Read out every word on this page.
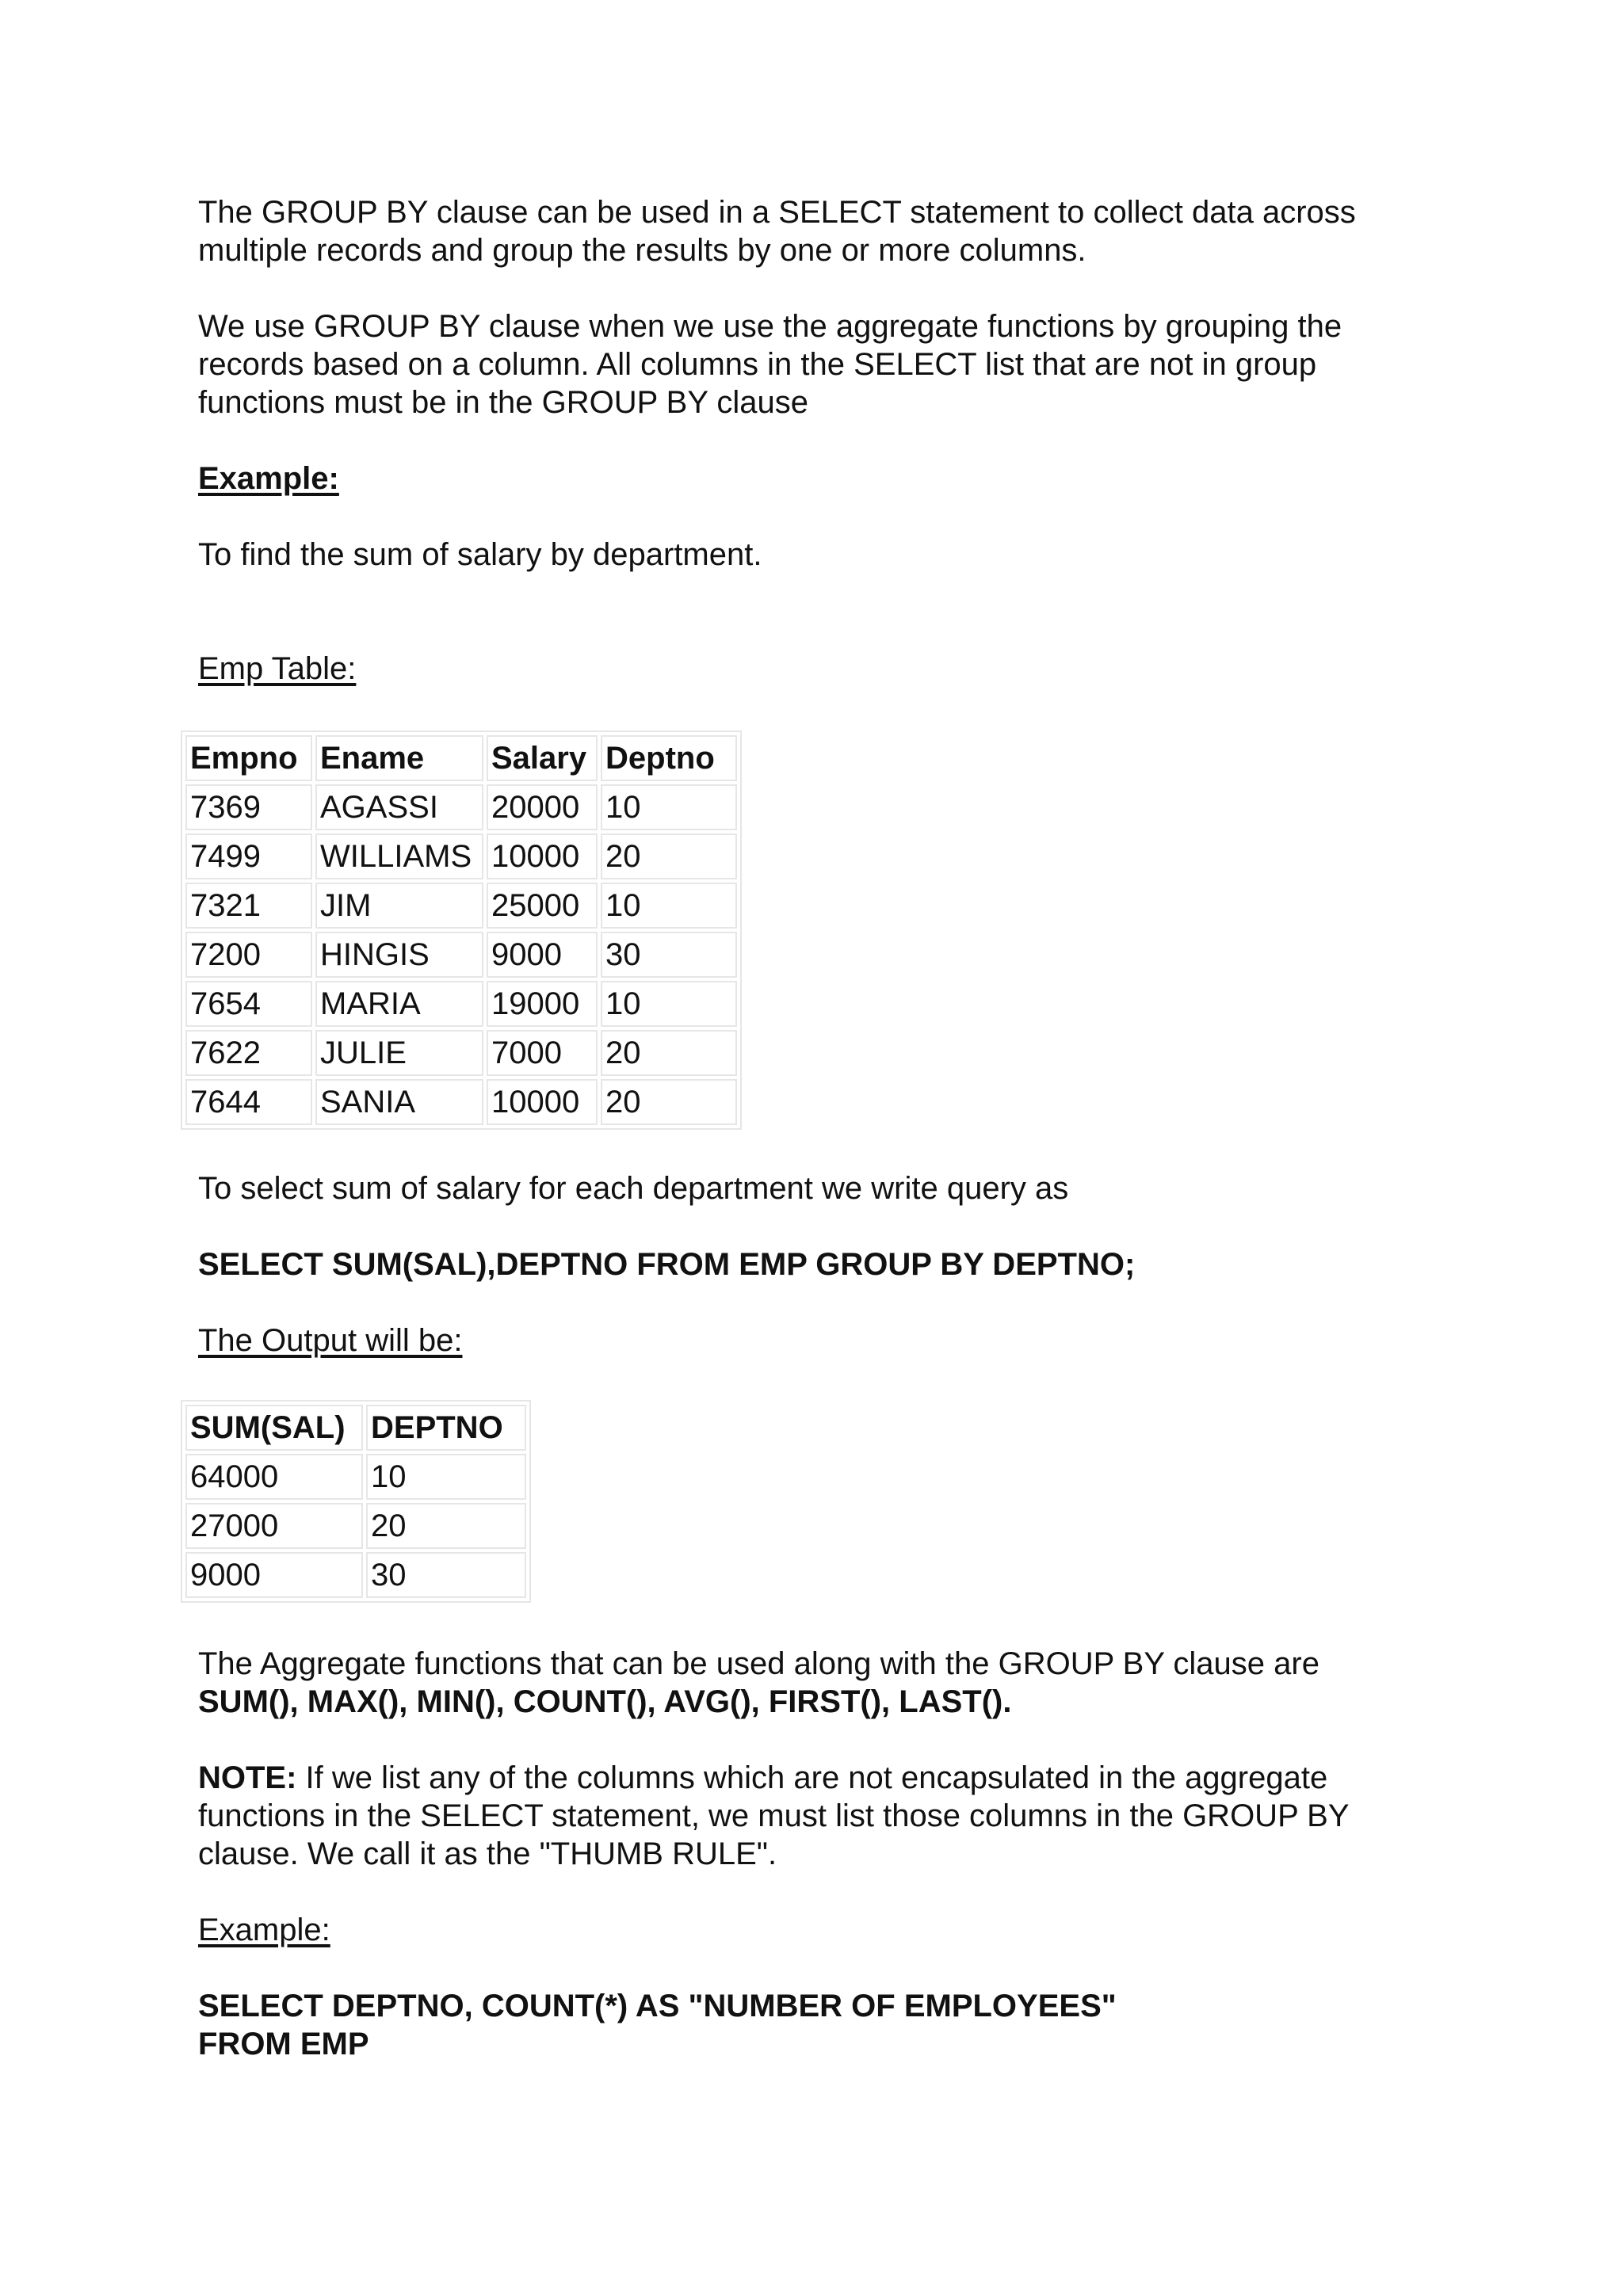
The GROUP BY clause can be used in a SELECT statement to collect data across multiple records and group the results by one or more columns.

We use GROUP BY clause when we use the aggregate functions by grouping the records based on a column. All columns in the SELECT list that are not in group functions must be in the GROUP BY clause

Example:

To find the sum of salary by department.

Emp Table:

Empno	Ename	Salary	Deptno
7369	AGASSI	20000	10
7499	WILLIAMS	10000	20
7321	JIM	25000	10
7200	HINGIS	9000	30
7654	MARIA	19000	10
7622	JULIE	7000	20
7644	SANIA	10000	20

To select sum of salary for each department we write query as

SELECT SUM(SAL),DEPTNO FROM EMP GROUP BY DEPTNO;

The Output will be:

SUM(SAL)	DEPTNO
64000	10
27000	20
9000	30

The Aggregate functions that can be used along with the GROUP BY clause are
SUM(), MAX(), MIN(), COUNT(), AVG(), FIRST(), LAST().

NOTE: If we list any of the columns which are not encapsulated in the aggregate functions in the SELECT statement, we must list those columns in the GROUP BY clause. We call it as the "THUMB RULE".

Example:

SELECT DEPTNO, COUNT(*) AS "NUMBER OF EMPLOYEES"
FROM EMP
